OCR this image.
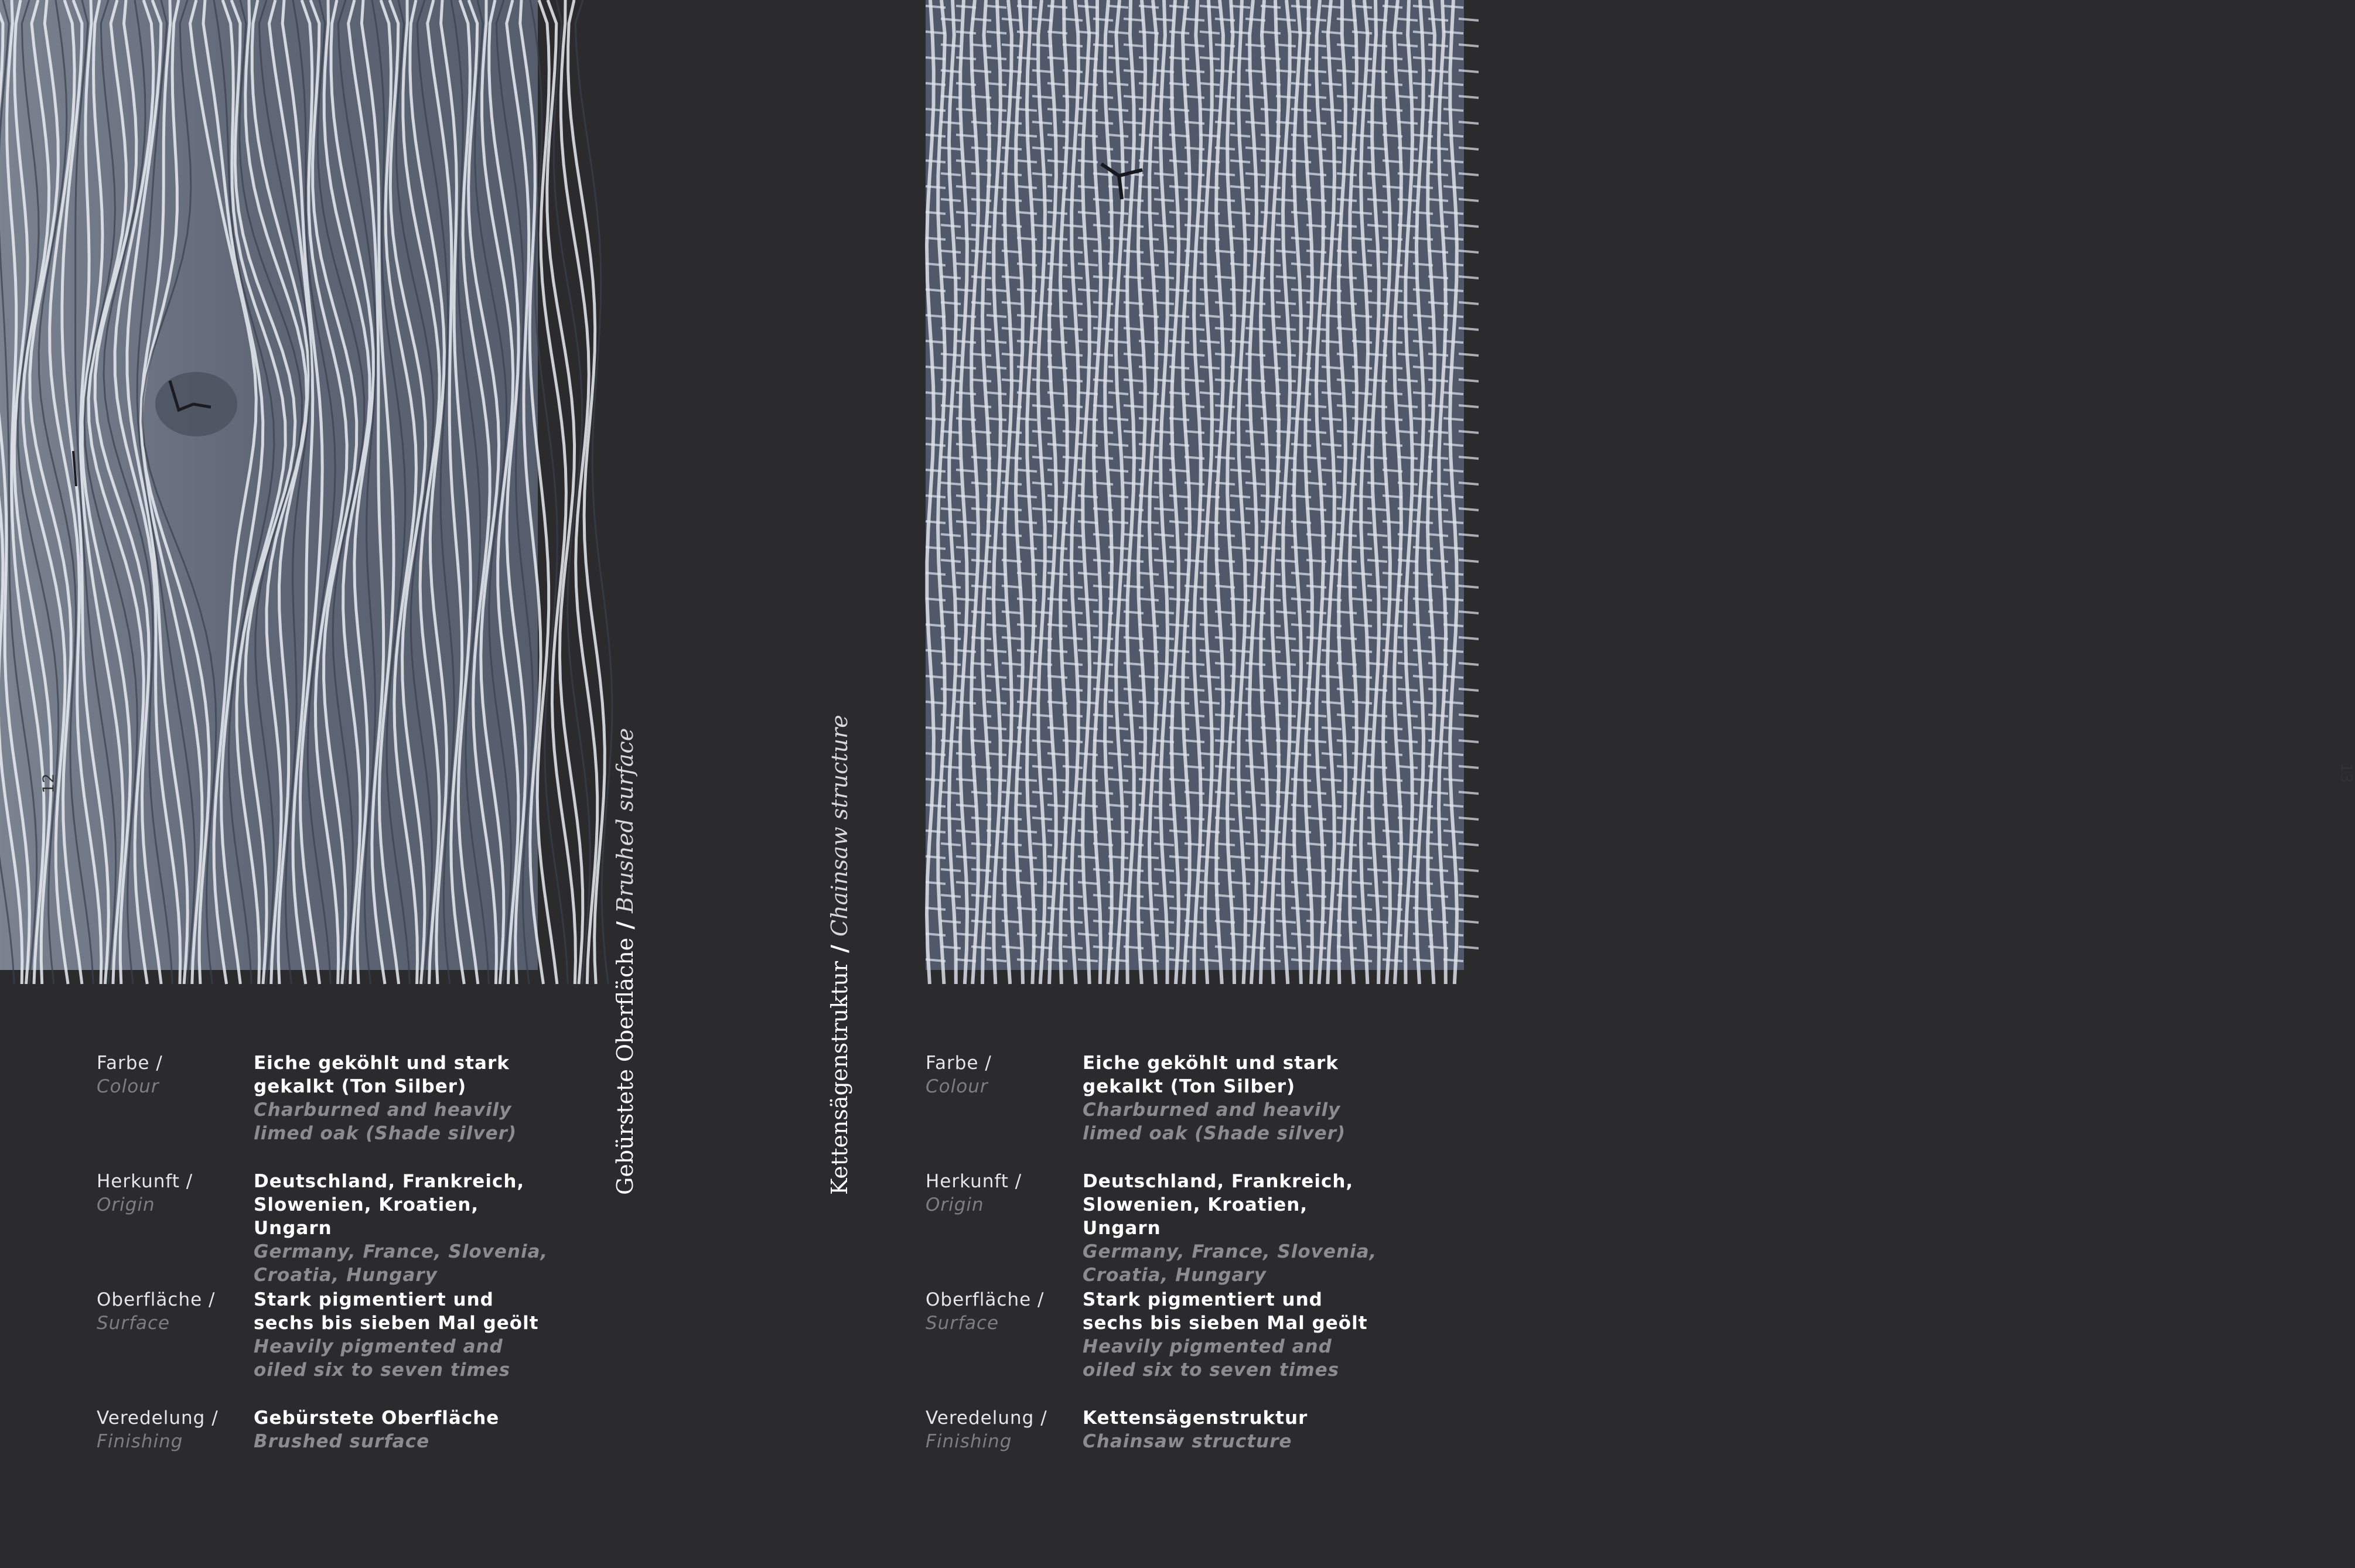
12	13
Gebürstete Oberfläche/Brushed surface
Kettensägenstruktur/Chainsaw structure
Farbe /
Colour
Eiche geköhlt und stark gekalkt (Ton Silber)
Charburned and heavily limed oak (Shade silver)
Herkunft /
Origin
Deutschland, Frankreich, Slowenien, Kroatien, Ungarn
Germany, France, Slovenia, Croatia, Hungary
Oberfläche /
Surface
Stark pigmentiert und sechs bis sieben Mal geölt
Heavily pigmented and oiled six to seven times
Veredelung /
Finishing
Gebürstete Oberfläche
Brushed surface
Farbe /
Colour
Eiche geköhlt und stark gekalkt (Ton Silber)
Charburned and heavily limed oak (Shade silver)
Herkunft /
Origin
Deutschland, Frankreich, Slowenien, Kroatien, Ungarn
Germany, France, Slovenia, Croatia, Hungary
Oberfläche /
Surface
Stark pigmentiert und sechs bis sieben Mal geölt
Heavily pigmented and oiled six to seven times
Veredelung /
Finishing
Kettensägenstruktur
Chainsaw structure
